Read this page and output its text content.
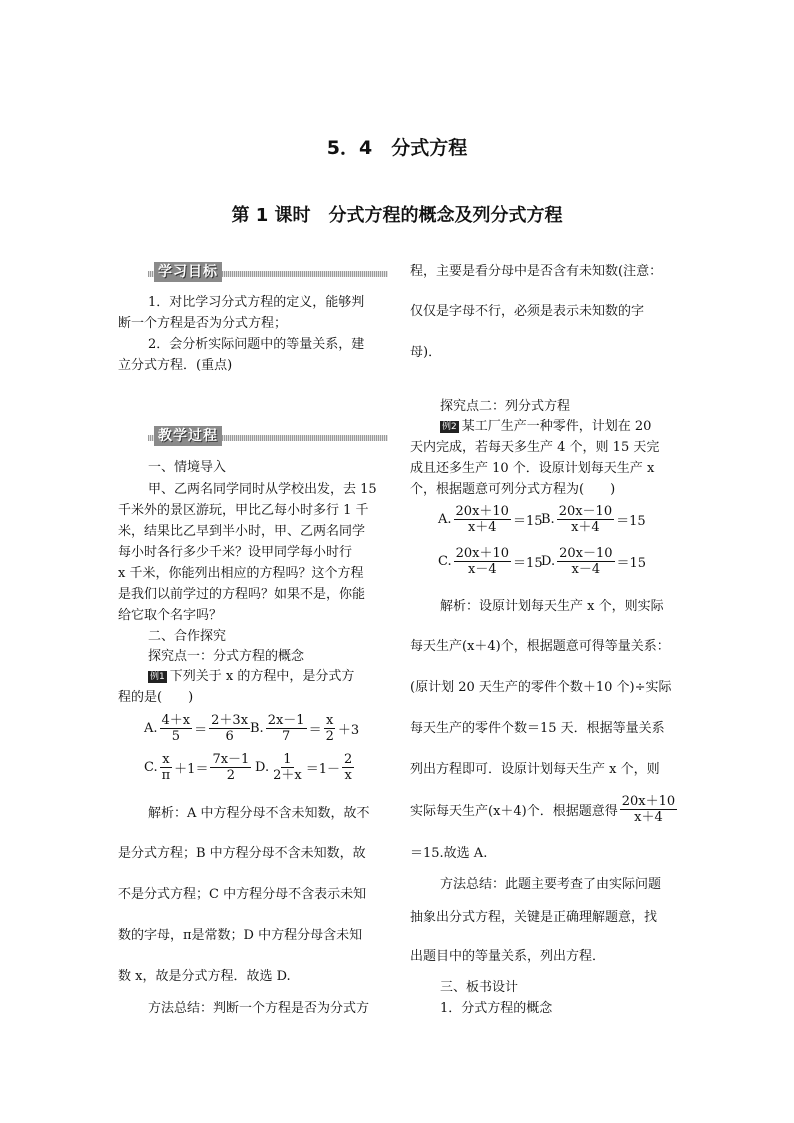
5．4　分式方程
第 1 课时　分式方程的概念及列分式方程
学习目标
1．对比学习分式方程的定义，能够判
断一个方程是否为分式方程；
2．会分析实际问题中的等量关系，建
立分式方程．(重点)
教学过程
一、情境导入
甲、乙两名同学同时从学校出发，去 15
千米外的景区游玩，甲比乙每小时多行 1 千
米，结果比乙早到半小时，甲、乙两名同学
每小时各行多少千米？设甲同学每小时行
x 千米，你能列出相应的方程吗？这个方程
是我们以前学过的方程吗？如果不是，你能
给它取个名字吗？
二、合作探究
探究点一：分式方程的概念
例1 下列关于 x 的方程中，是分式方
程的是(　　)
A. $\frac{4+x}{5} = \frac{2+3x}{6} B$. $\frac{2x-1}{7} = \frac{x}{2} +3$
C. $\frac{x}{\pi} +1= \frac{7x-1}{2} D$. $\frac{1}{2+x} =1- \frac{2}{x}$
解析：A 中方程分母不含未知数，故不
是分式方程；B 中方程分母不含未知数，故
不是分式方程；C 中方程分母不含表示未知
数的字母，π是常数；D 中方程分母含未知
数 x，故是分式方程．故选 D.
方法总结：判断一个方程是否为分式方
程，主要是看分母中是否含有未知数(注意：
仅仅是字母不行，必须是表示未知数的字
母)．
探究点二：列分式方程
例2 某工厂生产一种零件，计划在 20
天内完成，若每天多生产 4 个，则 15 天完
成且还多生产 10 个．设原计划每天生产 x
个，根据题意可列分式方程为(　　)
A. $\frac{20x+10}{x+4} =15$
B. $\frac{20x-10}{x+4} =15$
C. $\frac{20x+10}{x-4} =15$
D. $\frac{20x-10}{x-4} =15$
解析：设原计划每天生产 x 个，则实际
每天生产(x＋4)个，根据题意可得等量关系：
(原计划 20 天生产的零件个数＋10 个)÷实际
每天生产的零件个数＝15 天．根据等量关系
列出方程即可．设原计划每天生产 x 个，则
实际每天生产(x＋4)个．根据题意得 $\frac{20x+10}{x+4}$
＝15.故选 A.
方法总结：此题主要考查了由实际问题
抽象出分式方程，关键是正确理解题意，找
出题目中的等量关系，列出方程．
三、板书设计
1．分式方程的概念
